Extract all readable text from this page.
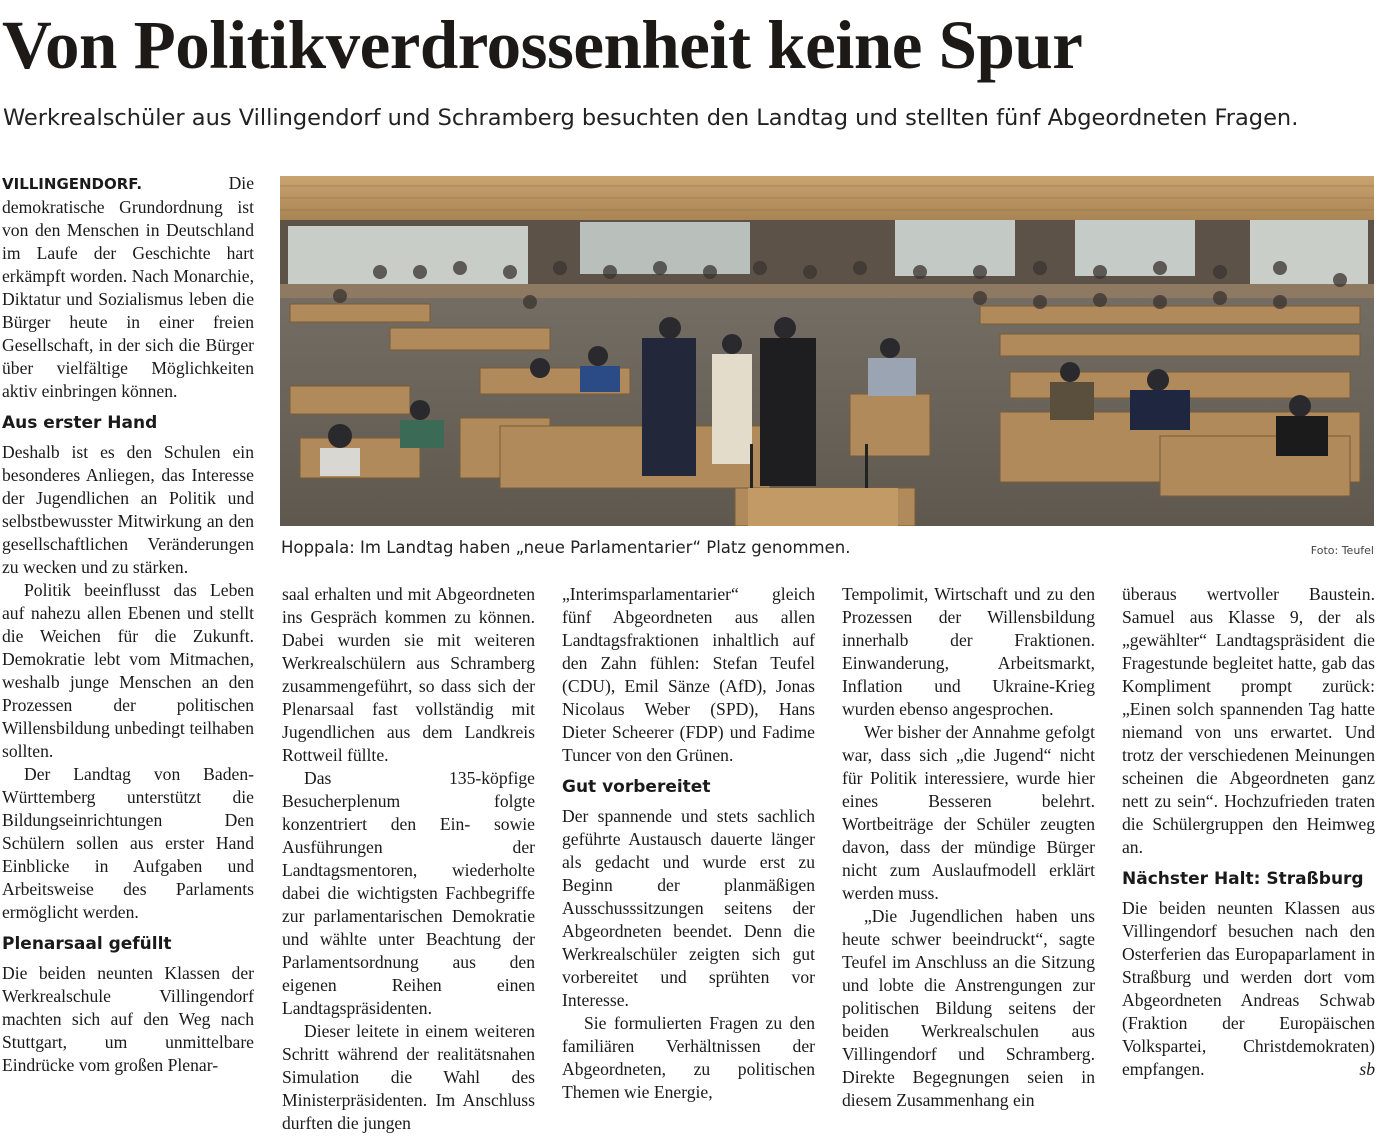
Von Politikverdrossenheit keine Spur
Werkrealschüler aus Villingendorf und Schramberg besuchten den Landtag und stellten fünf Abgeordneten Fragen.

VILLINGENDORF.	Die demokratische Grundordnung ist von den Menschen in Deutschland im Laufe der Geschichte hart erkämpft worden. Nach Monarchie, Diktatur und Sozialismus leben die Bürger heute in einer freien Gesellschaft, in der sich die Bürger über vielfältige Möglichkeiten aktiv einbringen können.

Aus erster Hand

Deshalb ist es den Schulen ein besonderes Anliegen, das Interesse der Jugendlichen an Politik und selbstbewusster Mitwirkung an den gesellschaftlichen Veränderungen zu wecken und zu stärken.

Politik beeinflusst das Leben auf nahezu allen Ebenen und stellt die Weichen für die Zukunft. Demokratie lebt vom Mitmachen, weshalb junge Menschen an den Prozessen der politischen Willensbildung unbedingt teilhaben sollten.

Der Landtag von Baden-Württemberg unterstützt die Bildungseinrichtungen Den Schülern sollen aus erster Hand Einblicke in Aufgaben und Arbeitsweise des Parlaments ermöglicht werden.

Plenarsaal gefüllt

Die beiden neunten Klassen der Werkrealschule Villingendorf machten sich auf den Weg nach Stuttgart, um unmittelbare Eindrücke vom großen Plenar-

Hoppala: Im Landtag haben „neue Parlamentarier“ Platz genommen.	Foto: Teufel

saal erhalten und mit Abgeordneten ins Gespräch kommen zu können. Dabei wurden sie mit weiteren Werkrealschülern aus Schramberg zusammengeführt, so dass sich der Plenarsaal fast vollständig mit Jugendlichen aus dem Landkreis Rottweil füllte.

Das 135-köpfige Besucherplenum folgte konzentriert den Ein- sowie Ausführungen der Landtagsmentoren, wiederholte dabei die wichtigsten Fachbegriffe zur parlamentarischen Demokratie und wählte unter Beachtung der Parlamentsordnung aus den eigenen Reihen einen Landtagspräsidenten.

Dieser leitete in einem weiteren Schritt während der realitätsnahen Simulation die Wahl des Ministerpräsidenten. Im Anschluss durften die jungen

„Interimsparlamentarier“ gleich fünf Abgeordneten aus allen Landtagsfraktionen inhaltlich auf den Zahn fühlen: Stefan Teufel (CDU), Emil Sänze (AfD), Jonas Nicolaus Weber (SPD), Hans Dieter Scheerer (FDP) und Fadime Tuncer von den Grünen.

Gut vorbereitet

Der spannende und stets sachlich geführte Austausch dauerte länger als gedacht und wurde erst zu Beginn der planmäßigen Ausschusssitzungen seitens der Abgeordneten beendet. Denn die Werkrealschüler zeigten sich gut vorbereitet und sprühten vor Interesse.

Sie formulierten Fragen zu den familiären Verhältnissen der Abgeordneten, zu politischen Themen wie Energie,

Tempolimit, Wirtschaft und zu den Prozessen der Willensbildung innerhalb der Fraktionen. Einwanderung, Arbeitsmarkt, Inflation und Ukraine-Krieg wurden ebenso angesprochen.

Wer bisher der Annahme gefolgt war, dass sich „die Jugend“ nicht für Politik interessiere, wurde hier eines Besseren belehrt. Wortbeiträge der Schüler zeugten davon, dass der mündige Bürger nicht zum Auslaufmodell erklärt werden muss.

„Die Jugendlichen haben uns heute schwer beeindruckt“, sagte Teufel im Anschluss an die Sitzung und lobte die Anstrengungen zur politischen Bildung seitens der beiden Werkrealschulen aus Villingendorf und Schramberg. Direkte Begegnungen seien in diesem Zusammenhang ein

überaus wertvoller Baustein. Samuel aus Klasse 9, der als „gewählter“ Landtagspräsident die Fragestunde begleitet hatte, gab das Kompliment prompt zurück: „Einen solch spannenden Tag hatte niemand von uns erwartet. Und trotz der verschiedenen Meinungen scheinen die Abgeordneten ganz nett zu sein“. Hochzufrieden traten die Schülergruppen den Heimweg an.

Nächster Halt: Straßburg

Die beiden neunten Klassen aus Villingendorf besuchen nach den Osterferien das Europaparlament in Straßburg und werden dort vom Abgeordneten Andreas Schwab (Fraktion der Europäischen Volkspartei, Christdemokraten) empfangen.	sb
